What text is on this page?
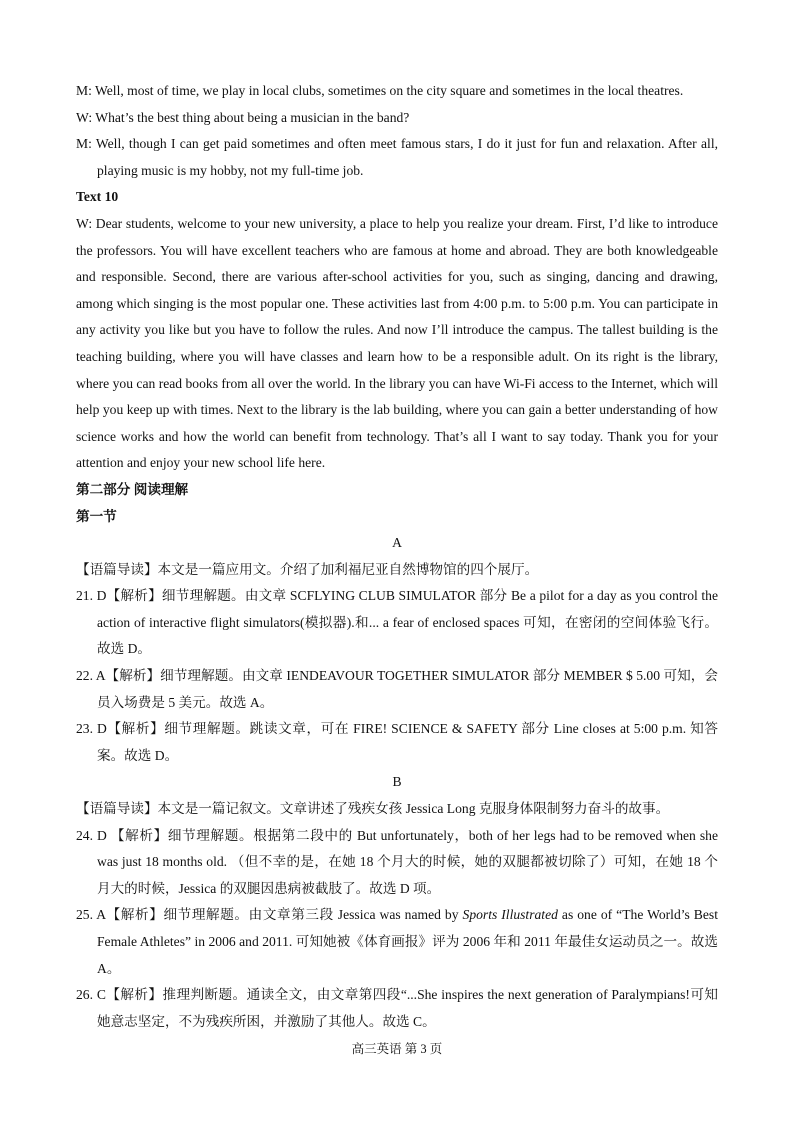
M: Well, most of time, we play in local clubs, sometimes on the city square and sometimes in the local theatres.

W: What’s the best thing about being a musician in the band?

M: Well, though I can get paid sometimes and often meet famous stars, I do it just for fun and relaxation. After all, playing music is my hobby, not my full-time job.

Text 10

W: Dear students, welcome to your new university, a place to help you realize your dream. First, I’d like to introduce the professors. You will have excellent teachers who are famous at home and abroad. They are both knowledgeable and responsible. Second, there are various after-school activities for you, such as singing, dancing and drawing, among which singing is the most popular one. These activities last from 4:00 p.m. to 5:00 p.m. You can participate in any activity you like but you have to follow the rules. And now I’ll introduce the campus. The tallest building is the teaching building, where you will have classes and learn how to be a responsible adult. On its right is the library, where you can read books from all over the world. In the library you can have Wi-Fi access to the Internet, which will help you keep up with times. Next to the library is the lab building, where you can gain a better understanding of how science works and how the world can benefit from technology. That’s all I want to say today. Thank you for your attention and enjoy your new school life here.

第二部分 阅读理解

第一节

A

【语篇导读】本文是一篇应用文。介绍了加利福尼亚自然博物馆的四个展厅。

21. D【解析】细节理解题。由文章 SCFLYING CLUB SIMULATOR 部分 Be a pilot for a day as you control the action of interactive flight simulators(模拟器).和... a fear of enclosed spaces 可知，在密闭的空间体验飞行。故选 D。

22. A【解析】细节理解题。由文章 IENDEAVOUR TOGETHER SIMULATOR 部分 MEMBER $ 5.00 可知，会员入场费是 5 美元。故选 A。

23. D【解析】细节理解题。跳读文章，可在 FIRE! SCIENCE & SAFETY 部分 Line closes at 5:00 p.m. 知答案。故选 D。

B

【语篇导读】本文是一篇记叙文。文章讲述了残疾女孩 Jessica Long 克服身体限制努力奋斗的故事。

24. D 【解析】细节理解题。根据第二段中的 But unfortunately，both of her legs had to be removed when she was just 18 months old. （但不幸的是，在她 18 个月大的时候，她的双腿都被切除了）可知，在她 18 个月大的时候，Jessica 的双腿因患病被截肢了。故选 D 项。

25. A【解析】细节理解题。由文章第三段 Jessica was named by Sports Illustrated as one of “The World’s Best Female Athletes” in 2006 and 2011. 可知她被《体育画报》评为 2006 年和 2011 年最佳女运动员之一。故选 A。

26. C【解析】推理判断题。通读全文，由文章第四段“...She inspires the next generation of Paralympians!可知她意志坚定，不为残疾所困，并激励了其他人。故选 C。

高三英语 第 3 页
